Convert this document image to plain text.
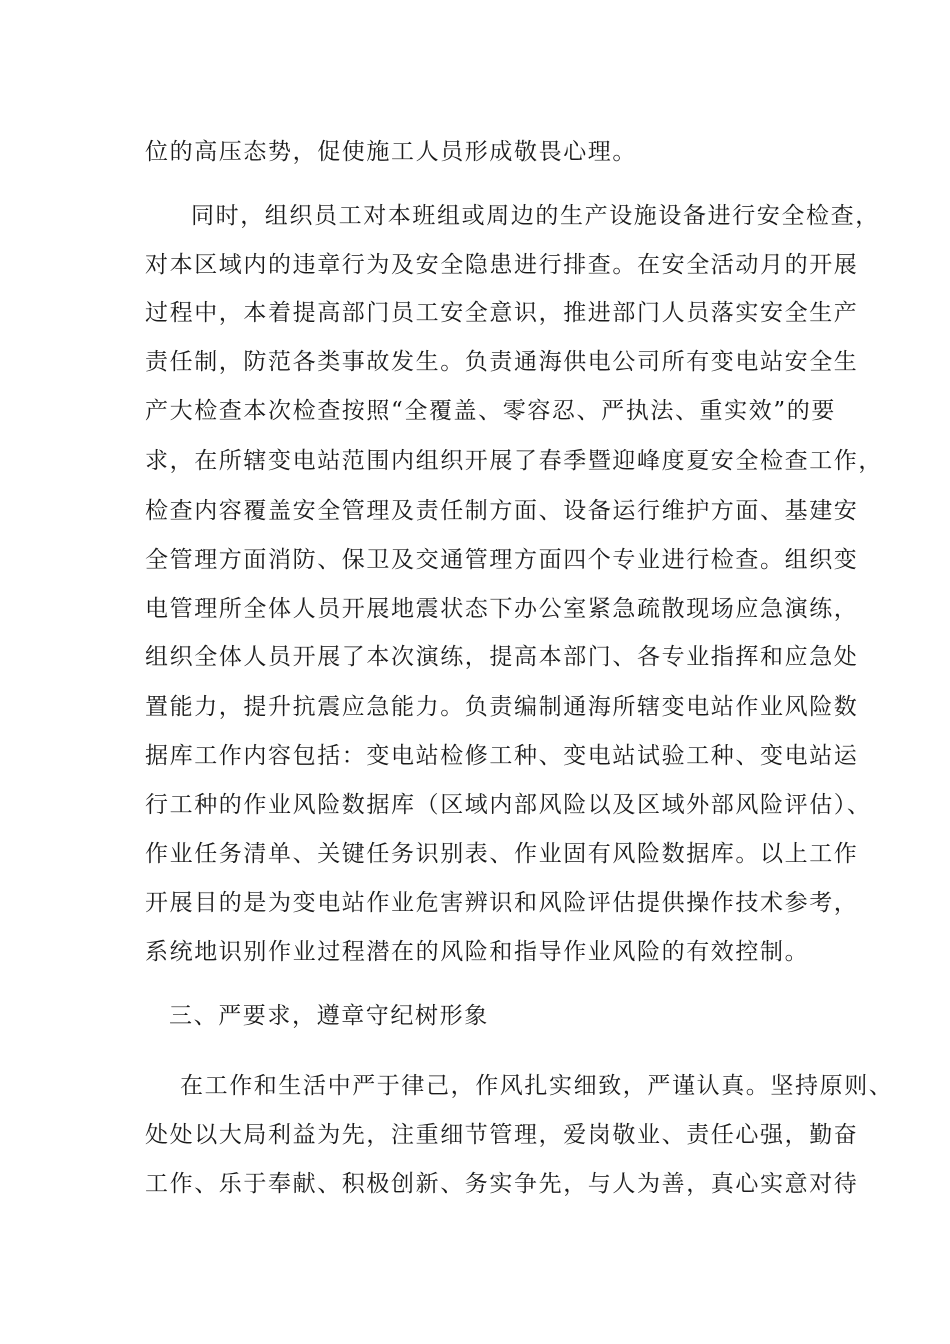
位的高压态势，促使施工人员形成敬畏心理。
同时，组织员工对本班组或周边的生产设施设备进行安全检查，
对本区域内的违章行为及安全隐患进行排查。在安全活动月的开展
过程中，本着提高部门员工安全意识，推进部门人员落实安全生产
责任制，防范各类事故发生。负责通海供电公司所有变电站安全生
产大检查本次检查按照“全覆盖、零容忍、严执法、重实效”的要
求，在所辖变电站范围内组织开展了春季暨迎峰度夏安全检查工作，
检查内容覆盖安全管理及责任制方面、设备运行维护方面、基建安
全管理方面消防、保卫及交通管理方面四个专业进行检查。组织变
电管理所全体人员开展地震状态下办公室紧急疏散现场应急演练，
组织全体人员开展了本次演练，提高本部门、各专业指挥和应急处
置能力，提升抗震应急能力。负责编制通海所辖变电站作业风险数
据库工作内容包括：变电站检修工种、变电站试验工种、变电站运
行工种的作业风险数据库（区域内部风险以及区域外部风险评估）、
作业任务清单、关键任务识别表、作业固有风险数据库。以上工作
开展目的是为变电站作业危害辨识和风险评估提供操作技术参考，
系统地识别作业过程潜在的风险和指导作业风险的有效控制。
三、严要求，遵章守纪树形象
在工作和生活中严于律己，作风扎实细致，严谨认真。坚持原则、
处处以大局利益为先，注重细节管理，爱岗敬业、责任心强，勤奋
工作、乐于奉献、积极创新、务实争先，与人为善，真心实意对待
